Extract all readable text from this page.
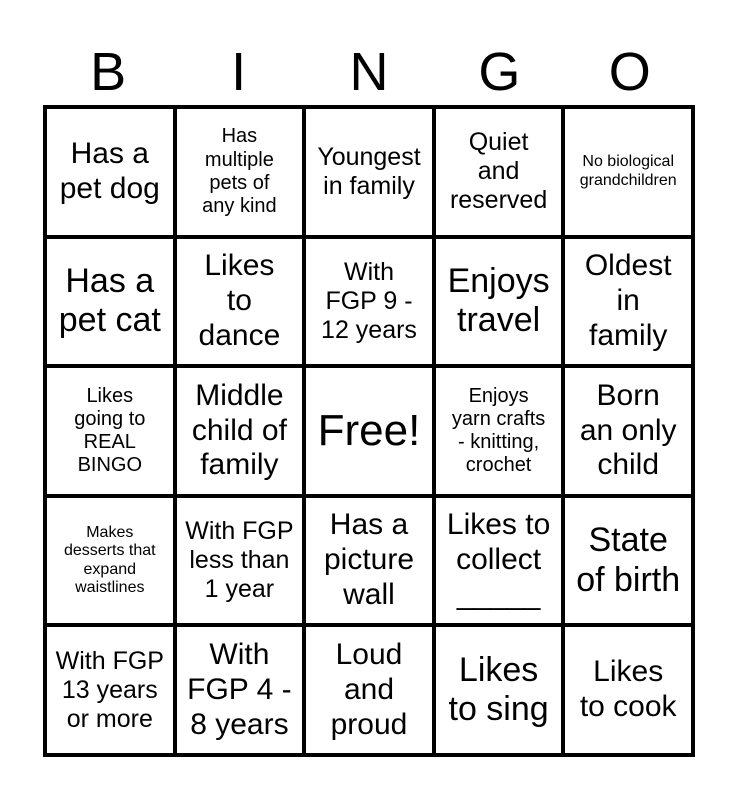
B	I	N	G	O
Has a
pet dog
Has
multiple
pets of
any kind
Youngest
in family
Quiet
and
reserved
No biological
grandchildren
Has a
pet cat
Likes
to
dance
With
FGP 9 -
12 years
Enjoys
travel
Oldest
in
family
Likes
going to
REAL
BINGO
Middle
child of
family
Free!
Enjoys
yarn crafts
- knitting,
crochet
Born
an only
child
Makes
desserts that
expand
waistlines
With FGP
less than
1 year
Has a
picture
wall
Likes to
collect
_____
State
of birth
With FGP
13 years
or more
With
FGP 4 -
8 years
Loud
and
proud
Likes
to sing
Likes
to cook
